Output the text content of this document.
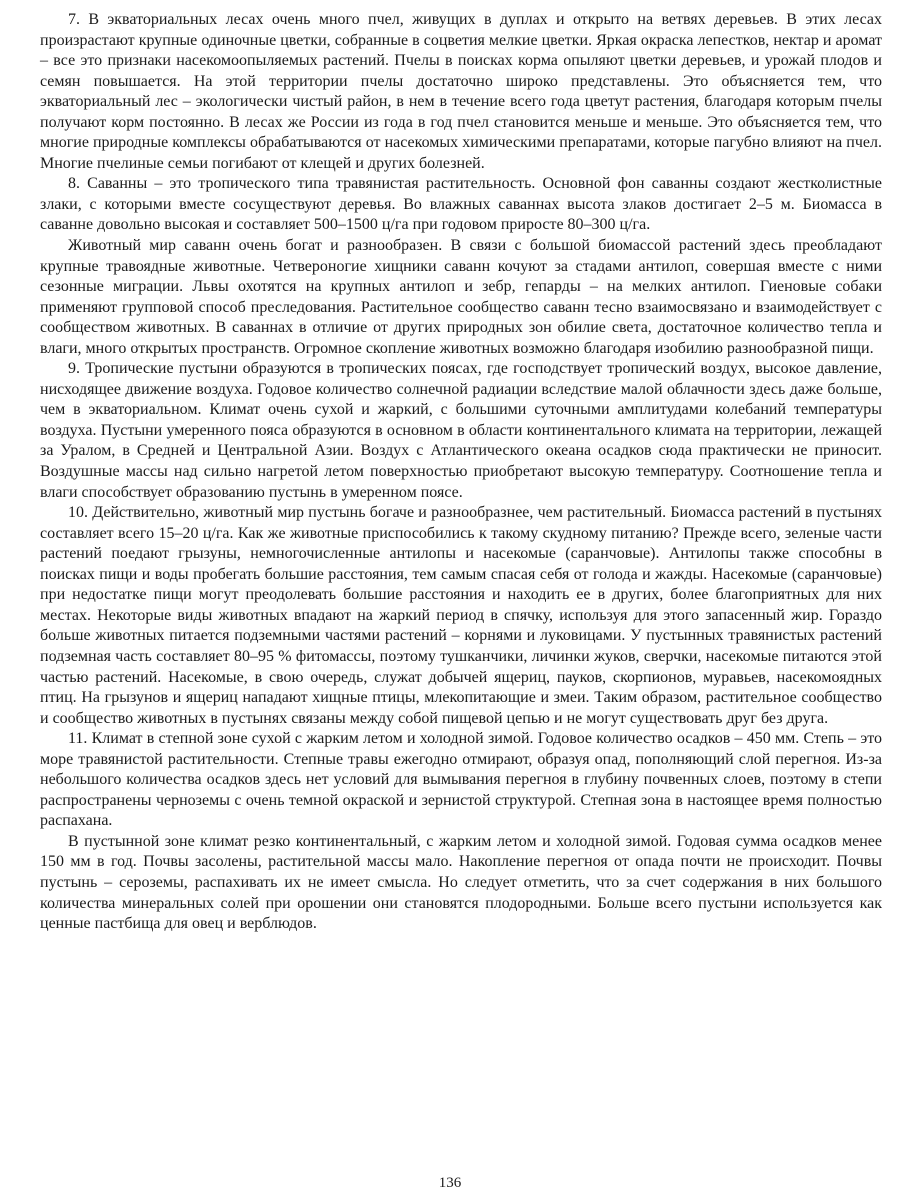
7. В экваториальных лесах очень много пчел, живущих в дуплах и открыто на ветвях деревьев. В этих лесах произрастают крупные одиночные цветки, собранные в соцветия мелкие цветки. Яркая окраска лепестков, нектар и аромат – все это признаки насекомоопыляемых растений. Пчелы в поисках корма опыляют цветки деревьев, и урожай плодов и семян повышается. На этой территории пчелы достаточно широко представлены. Это объясняется тем, что экваториальный лес – экологически чистый район, в нем в течение всего года цветут растения, благодаря которым пчелы получают корм постоянно. В лесах же России из года в год пчел становится меньше и меньше. Это объясняется тем, что многие природные комплексы обрабатываются от насекомых химическими препаратами, которые пагубно влияют на пчел. Многие пчелиные семьи погибают от клещей и других болезней.

8. Саванны – это тропического типа травянистая растительность. Основной фон саванны создают жестколистные злаки, с которыми вместе сосуществуют деревья. Во влажных саваннах высота злаков достигает 2–5 м. Биомасса в саванне довольно высокая и составляет 500–1500 ц/га при годовом приросте 80–300 ц/га.

Животный мир саванн очень богат и разнообразен. В связи с большой биомассой растений здесь преобладают крупные травоядные животные. Четвероногие хищники саванн кочуют за стадами антилоп, совершая вместе с ними сезонные миграции. Львы охотятся на крупных антилоп и зебр, гепарды – на мелких антилоп. Гиеновые собаки применяют групповой способ преследования. Растительное сообщество саванн тесно взаимосвязано и взаимодействует с сообществом животных. В саваннах в отличие от других природных зон обилие света, достаточное количество тепла и влаги, много открытых пространств. Огромное скопление животных возможно благодаря изобилию разнообразной пищи.

9. Тропические пустыни образуются в тропических поясах, где господствует тропический воздух, высокое давление, нисходящее движение воздуха. Годовое количество солнечной радиации вследствие малой облачности здесь даже больше, чем в экваториальном. Климат очень сухой и жаркий, с большими суточными амплитудами колебаний температуры воздуха. Пустыни умеренного пояса образуются в основном в области континентального климата на территории, лежащей за Уралом, в Средней и Центральной Азии. Воздух с Атлантического океана осадков сюда практически не приносит. Воздушные массы над сильно нагретой летом поверхностью приобретают высокую температуру. Соотношение тепла и влаги способствует образованию пустынь в умеренном поясе.

10. Действительно, животный мир пустынь богаче и разнообразнее, чем растительный. Биомасса растений в пустынях составляет всего 15–20 ц/га. Как же животные приспособились к такому скудному питанию? Прежде всего, зеленые части растений поедают грызуны, немногочисленные антилопы и насекомые (саранчовые). Антилопы также способны в поисках пищи и воды пробегать большие расстояния, тем самым спасая себя от голода и жажды. Насекомые (саранчовые) при недостатке пищи могут преодолевать большие расстояния и находить ее в других, более благоприятных для них местах. Некоторые виды животных впадают на жаркий период в спячку, используя для этого запасенный жир. Гораздо больше животных питается подземными частями растений – корнями и луковицами. У пустынных травянистых растений подземная часть составляет 80–95 % фитомассы, поэтому тушканчики, личинки жуков, сверчки, насекомые питаются этой частью растений. Насекомые, в свою очередь, служат добычей ящериц, пауков, скорпионов, муравьев, насекомоядных птиц. На грызунов и ящериц нападают хищные птицы, млекопитающие и змеи. Таким образом, растительное сообщество и сообщество животных в пустынях связаны между собой пищевой цепью и не могут существовать друг без друга.

11. Климат в степной зоне сухой с жарким летом и холодной зимой. Годовое количество осадков – 450 мм. Степь – это море травянистой растительности. Степные травы ежегодно отмирают, образуя опад, пополняющий слой перегноя. Из-за небольшого количества осадков здесь нет условий для вымывания перегноя в глубину почвенных слоев, поэтому в степи распространены черноземы с очень темной окраской и зернистой структурой. Степная зона в настоящее время полностью распахана.

В пустынной зоне климат резко континентальный, с жарким летом и холодной зимой. Годовая сумма осадков менее 150 мм в год. Почвы засолены, растительной массы мало. Накопление перегноя от опада почти не происходит. Почвы пустынь – сероземы, распахивать их не имеет смысла. Но следует отметить, что за счет содержания в них большого количества минеральных солей при орошении они становятся плодородными. Больше всего пустыни используется как ценные пастбища для овец и верблюдов.

136
